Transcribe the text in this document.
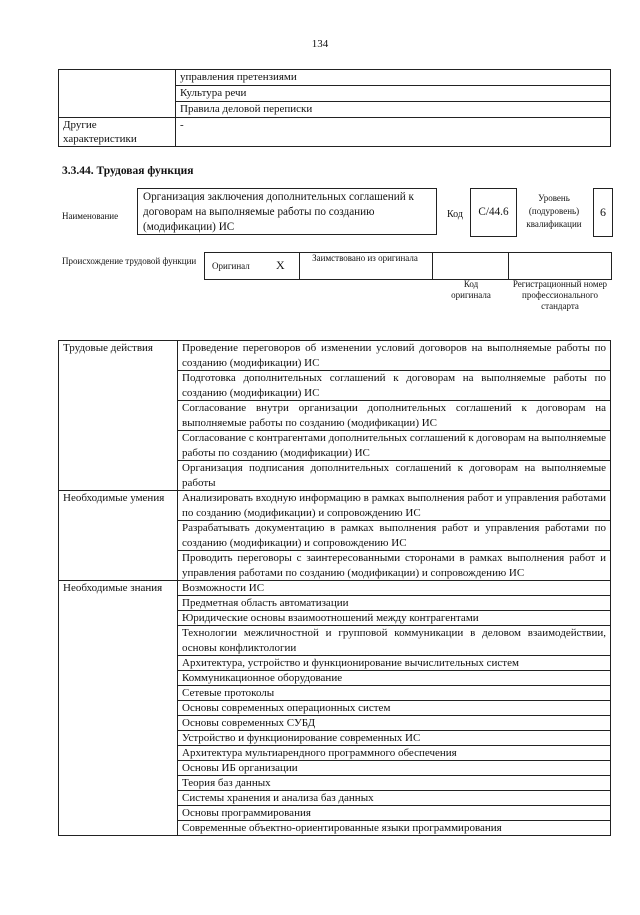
134
	управления претензиями
	Культура речи
	Правила деловой переписки
Другие характеристики	-
3.3.44. Трудовая функция
Наименование
Организация заключения дополнительных соглашений к договорам на выполняемые работы по созданию (модификации) ИС
Код	С/44.6
Уровень (подуровень) квалификации
6
Происхождение трудовой функции	Оригинал X	Заимствовано из оригинала
Код оригинала
Регистрационный номер профессионального стандарта
Трудовые действия	Проведение переговоров об изменении условий договоров на выполняемые работы по созданию (модификации) ИС
	Подготовка дополнительных соглашений к договорам на выполняемые работы по созданию (модификации) ИС
	Согласование внутри организации дополнительных соглашений к договорам на выполняемые работы по созданию (модификации) ИС
	Согласование с контрагентами дополнительных соглашений к договорам на выполняемые работы по созданию (модификации) ИС
	Организация подписания дополнительных соглашений к договорам на выполняемые работы
Необходимые умения	Анализировать входную информацию в рамках выполнения работ и управления работами по созданию (модификации) и сопровождению ИС
	Разрабатывать документацию в рамках выполнения работ и управления работами по созданию (модификации) и сопровождению ИС
	Проводить переговоры с заинтересованными сторонами в рамках выполнения работ и управления работами по созданию (модификации) и сопровождению ИС
Необходимые знания	Возможности ИС
	Предметная область автоматизации
	Юридические основы взаимоотношений между контрагентами
	Технологии межличностной и групповой коммуникации в деловом взаимодействии, основы конфликтологии
	Архитектура, устройство и функционирование вычислительных систем
	Коммуникационное оборудование
	Сетевые протоколы
	Основы современных операционных систем
	Основы современных СУБД
	Устройство и функционирование современных ИС
	Архитектура мультиарендного программного обеспечения
	Основы ИБ организации
	Теория баз данных
	Системы хранения и анализа баз данных
	Основы программирования
	Современные объектно-ориентированные языки программирования
